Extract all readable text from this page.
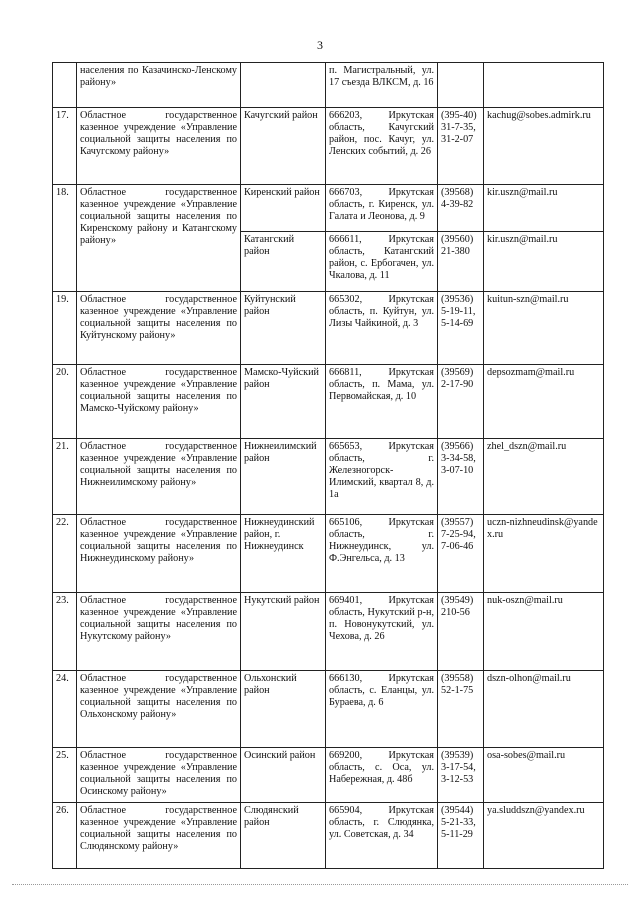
3
	населения по Казачинско-Ленскому району»		п. Магистральный, ул. 17 съезда ВЛКСМ, д. 16		
17.	Областное государственное казенное учреждение «Управление социальной защиты населения по Качугскому району»	Качугский район	666203, Иркутская область, Качугский район, пос. Качуг, ул. Ленских событий, д. 26	(395-40) 31-7-35, 31-2-07	kachug@sobes.admirk.ru
18.	Областное государственное казенное учреждение «Управление социальной защиты населения по Киренскому району и Катангскому району»	Киренский район	666703, Иркутская область, г. Киренск, ул. Галата и Леонова, д. 9	(39568) 4-39-82	kir.uszn@mail.ru
		Катангский район	666611, Иркутская область, Катангский район, с. Ербогачен, ул. Чкалова, д. 11	(39560) 21-380	kir.uszn@mail.ru
19.	Областное государственное казенное учреждение «Управление социальной защиты населения по Куйтунскому району»	Куйтунский район	665302, Иркутская область, п. Куйтун, ул. Лизы Чайкиной, д. 3	(39536) 5-19-11, 5-14-69	kuitun-szn@mail.ru
20.	Областное государственное казенное учреждение «Управление социальной защиты населения по Мамско-Чуйскому району»	Мамско-Чуйский район	666811, Иркутская область, п. Мама, ул. Первомайская, д. 10	(39569) 2-17-90	depsozmam@mail.ru
21.	Областное государственное казенное учреждение «Управление социальной защиты населения по Нижнеилимскому району»	Нижнеилимский район	665653, Иркутская область, г. Железногорск-Илимский, квартал 8, д. 1а	(39566) 3-34-58, 3-07-10	zhel_dszn@mail.ru
22.	Областное государственное казенное учреждение «Управление социальной защиты населения по Нижнеудинскому району»	Нижнеудинский район, г. Нижнеудинск	665106, Иркутская область, г. Нижнеудинск, ул. Ф.Энгельса, д. 13	(39557) 7-25-94, 7-06-46	uczn-nizhneudinsk@yandex.ru
23.	Областное государственное казенное учреждение «Управление социальной защиты населения по Нукутскому району»	Нукутский район	669401, Иркутская область, Нукутский р-н, п. Новонукутский, ул. Чехова, д. 26	(39549) 210-56	nuk-oszn@mail.ru
24.	Областное государственное казенное учреждение «Управление социальной защиты населения по Ольхонскому району»	Ольхонский район	666130, Иркутская область, с. Еланцы, ул. Бураева, д. 6	(39558) 52-1-75	dszn-olhon@mail.ru
25.	Областное государственное казенное учреждение «Управление социальной защиты населения по Осинскому району»	Осинский район	669200, Иркутская область, с. Оса, ул. Набережная, д. 48б	(39539) 3-17-54, 3-12-53	osa-sobes@mail.ru
26.	Областное государственное казенное учреждение «Управление социальной защиты населения по Слюдянскому району»	Слюдянский район	665904, Иркутская область, г. Слюдянка, ул. Советская, д. 34	(39544) 5-21-33, 5-11-29	ya.sluddszn@yandex.ru
